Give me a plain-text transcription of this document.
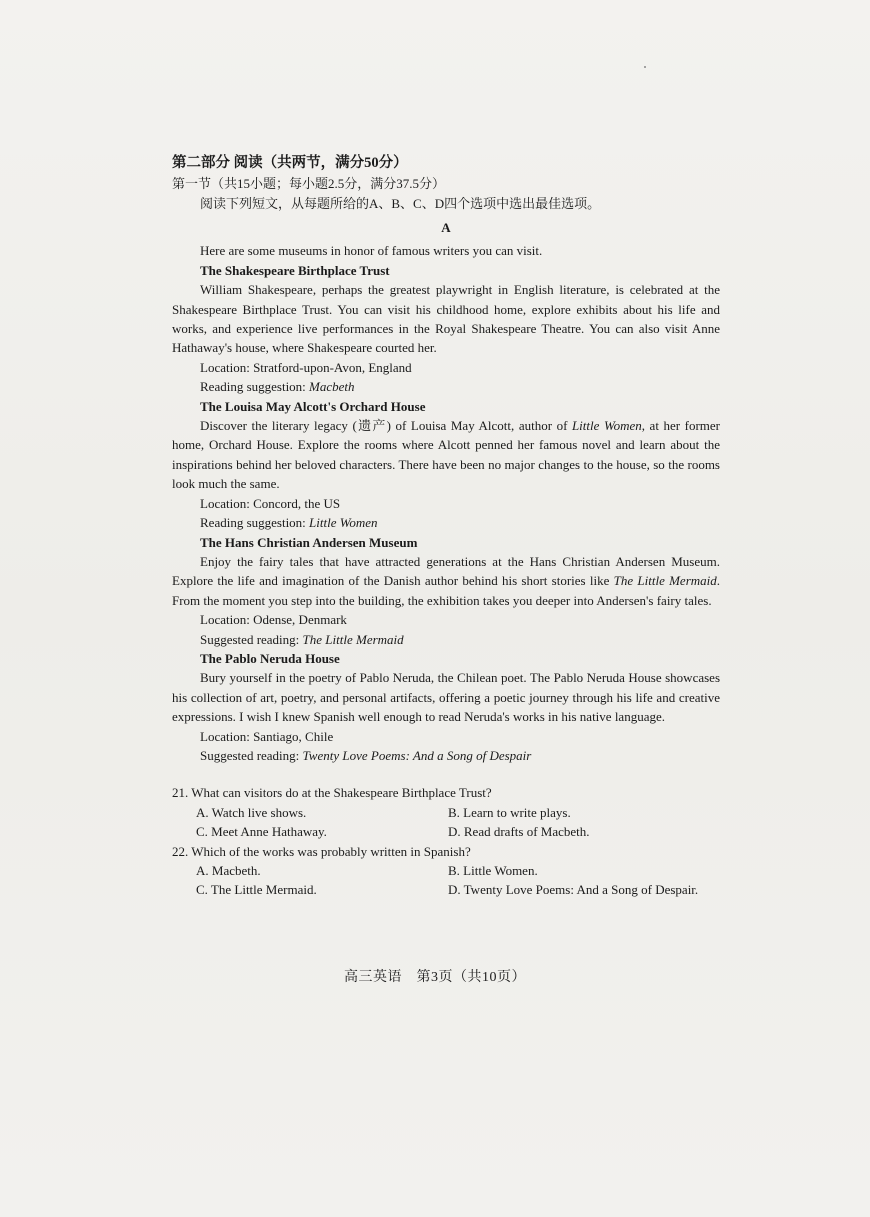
第二部分 阅读（共两节，满分50分）
第一节（共15小题；每小题2.5分，满分37.5分）
阅读下列短文，从每题所给的A、B、C、D四个选项中选出最佳选项。
A

Here are some museums in honor of famous writers you can visit.

The Shakespeare Birthplace Trust

William Shakespeare, perhaps the greatest playwright in English literature, is celebrated at the Shakespeare Birthplace Trust. You can visit his childhood home, explore exhibits about his life and works, and experience live performances in the Royal Shakespeare Theatre. You can also visit Anne Hathaway's house, where Shakespeare courted her.

Location: Stratford-upon-Avon, England

Reading suggestion: Macbeth

The Louisa May Alcott's Orchard House

Discover the literary legacy (遗产) of Louisa May Alcott, author of Little Women, at her former home, Orchard House. Explore the rooms where Alcott penned her famous novel and learn about the inspirations behind her beloved characters. There have been no major changes to the house, so the rooms look much the same.

Location: Concord, the US

Reading suggestion: Little Women

The Hans Christian Andersen Museum

Enjoy the fairy tales that have attracted generations at the Hans Christian Andersen Museum. Explore the life and imagination of the Danish author behind his short stories like The Little Mermaid. From the moment you step into the building, the exhibition takes you deeper into Andersen's fairy tales.

Location: Odense, Denmark

Suggested reading: The Little Mermaid

The Pablo Neruda House

Bury yourself in the poetry of Pablo Neruda, the Chilean poet. The Pablo Neruda House showcases his collection of art, poetry, and personal artifacts, offering a poetic journey through his life and creative expressions. I wish I knew Spanish well enough to read Neruda's works in his native language.

Location: Santiago, Chile

Suggested reading: Twenty Love Poems: And a Song of Despair

21. What can visitors do at the Shakespeare Birthplace Trust?

A. Watch live shows.	B. Learn to write plays.
C. Meet Anne Hathaway.	D. Read drafts of Macbeth.

22. Which of the works was probably written in Spanish?

A. Macbeth.	B. Little Women.
C. The Little Mermaid.	D. Twenty Love Poems: And a Song of Despair.
高三英语　第3页（共10页）
